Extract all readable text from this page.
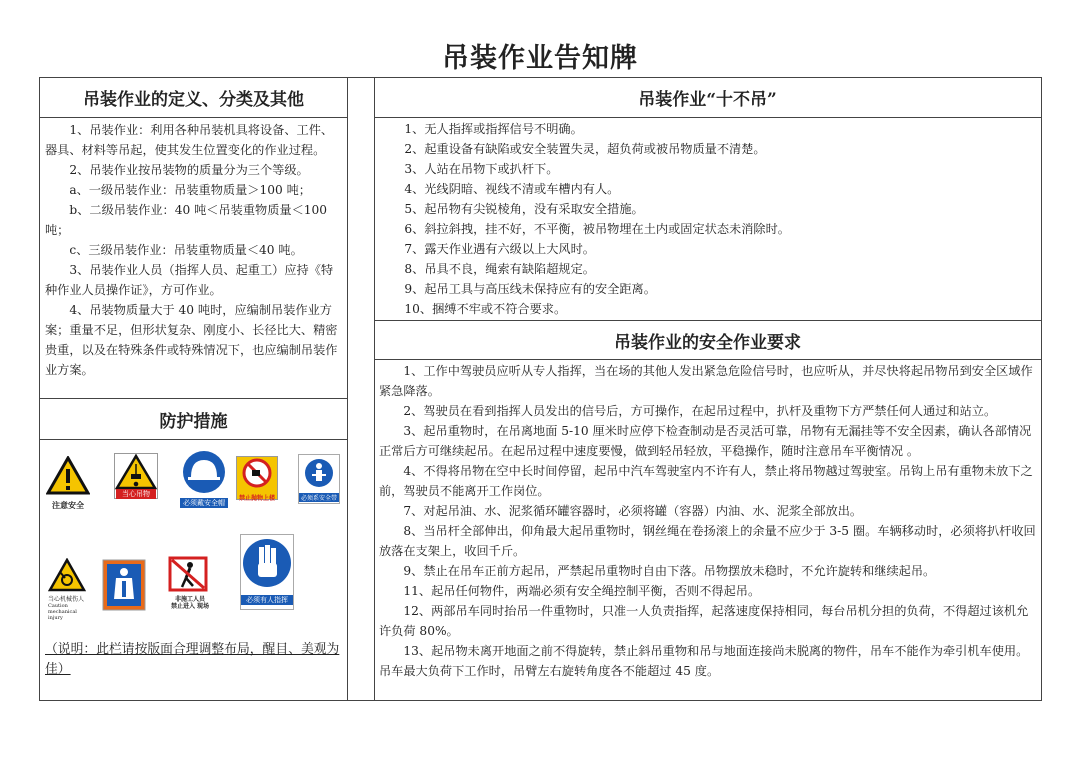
吊装作业告知牌
吊装作业的定义、分类及其他

1、吊装作业：利用各种吊装机具将设备、工件、器具、材料等吊起，使其发生位置变化的作业过程。

2、吊装作业按吊装物的质量分为三个等级。

a、一级吊装作业：吊装重物质量＞100 吨；

b、二级吊装作业：40 吨＜吊装重物质量＜100 吨；

c、三级吊装作业：吊装重物质量＜40 吨。

3、吊装作业人员（指挥人员、起重工）应持《特种作业人员操作证》，方可作业。

4、吊装物质量大于 40 吨时，应编制吊装作业方案；重量不足，但形状复杂、刚度小、长径比大、精密贵重，以及在特殊条件或特殊情况下，也应编制吊装作业方案。

防护措施
注意安全
当心吊物
必须戴安全帽
禁止抛物上楼	必须系安全带
当心机械伤人
Caution mechanical injury
非施工人员
禁止进入 现场
必须有人指挥
（说明：此栏请按版面合理调整布局，醒目、美观为佳）
吊装作业“十不吊”

1、无人指挥或指挥信号不明确。

2、起重设备有缺陷或安全装置失灵，超负荷或被吊物质量不清楚。

3、人站在吊物下或扒杆下。

4、光线阴暗、视线不清或车槽内有人。

5、起吊物有尖锐棱角，没有采取安全措施。

6、斜拉斜拽，挂不好，不平衡，被吊物埋在土内或固定状态未消除时。

7、露天作业遇有六级以上大风时。

8、吊具不良，绳索有缺陷超规定。

9、起吊工具与高压线未保持应有的安全距离。

10、捆缚不牢或不符合要求。

吊装作业的安全作业要求

1、工作中驾驶员应听从专人指挥，当在场的其他人发出紧急危险信号时，也应听从，并尽快将起吊物吊到安全区域作紧急降落。

2、驾驶员在看到指挥人员发出的信号后，方可操作，在起吊过程中，扒杆及重物下方严禁任何人通过和站立。

3、起吊重物时，在吊离地面 5-10 厘米时应停下检查制动是否灵活可靠，吊物有无漏挂等不安全因素，确认各部情况正常后方可继续起吊。在起吊过程中速度要慢，做到轻吊轻放，平稳操作，随时注意吊车平衡情况 。

4、不得将吊物在空中长时间停留，起吊中汽车驾驶室内不许有人，禁止将吊物越过驾驶室。吊钩上吊有重物未放下之前，驾驶员不能离开工作岗位。

7、对起吊油、水、泥浆循环罐容器时，必须将罐（容器）内油、水、泥浆全部放出。

8、当吊杆全部伸出，仰角最大起吊重物时，钢丝绳在卷扬滚上的余量不应少于 3-5 圈。车辆移动时，必须将扒杆收回放落在支架上，收回千斤。

9、禁止在吊车正前方起吊，严禁起吊重物时自由下落。吊物摆放未稳时，不允许旋转和继续起吊。

11、起吊任何物件，两端必须有安全绳控制平衡，否则不得起吊。

12、两部吊车同时抬吊一件重物时，只准一人负责指挥，起落速度保持相同，每台吊机分担的负荷，不得超过该机允许负荷 80%。

13、起吊物未离开地面之前不得旋转，禁止斜吊重物和吊与地面连接尚未脱离的物件，吊车不能作为牵引机车使用。吊车最大负荷下工作时，吊臂左右旋转角度各不能超过 45 度。
